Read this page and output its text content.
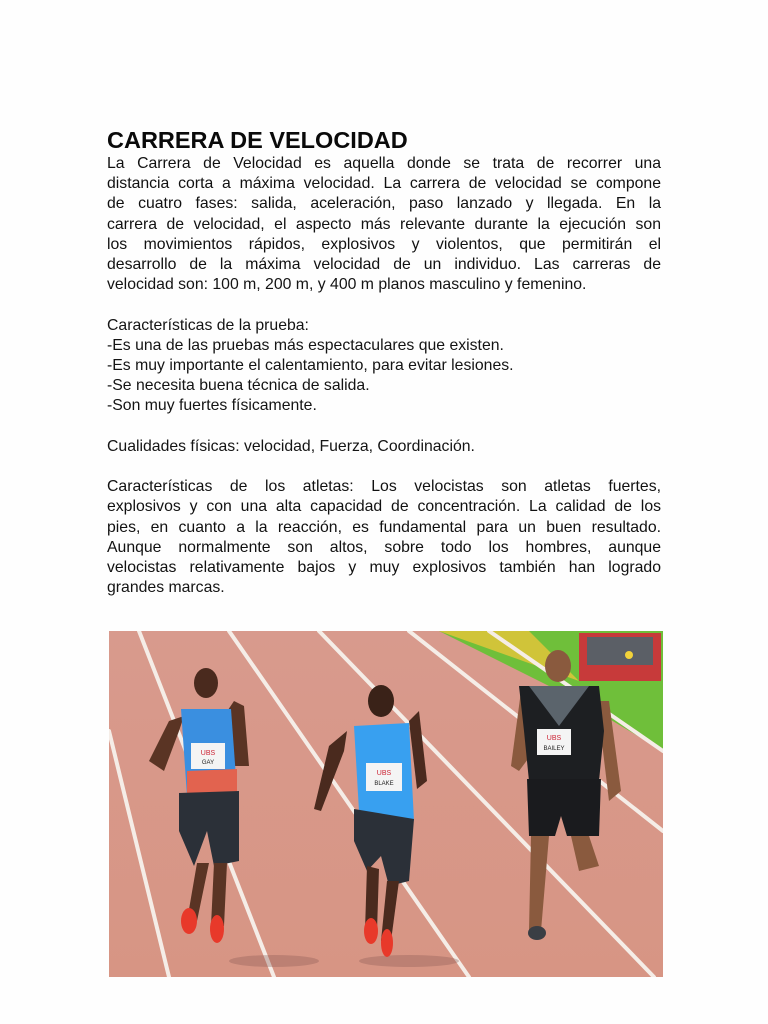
CARRERA DE VELOCIDAD
La Carrera de Velocidad es aquella donde se trata de recorrer una
distancia corta a máxima velocidad. La carrera de velocidad se compone
de cuatro fases: salida, aceleración, paso lanzado y llegada. En la
carrera de velocidad, el aspecto más relevante durante la ejecución son
los movimientos rápidos, explosivos y violentos, que permitirán el
desarrollo de la máxima velocidad de un individuo. Las carreras de
velocidad son: 100 m, 200 m, y 400 m planos masculino y femenino.
Características de la prueba:
-Es una de las pruebas más espectaculares que existen.
-Es muy importante el calentamiento, para evitar lesiones.
-Se necesita buena técnica de salida.
-Son muy fuertes físicamente.
Cualidades físicas: velocidad, Fuerza, Coordinación.
Características de los atletas: Los velocistas son atletas fuertes,
explosivos y con una alta capacidad de concentración. La calidad de los
pies, en cuanto a la reacción, es fundamental para un buen resultado.
Aunque normalmente son altos, sobre todo los hombres, aunque
velocistas relativamente bajos y muy explosivos también han logrado
grandes marcas.
UBS
GAY
UBS
BLAKE
UBS
BAILEY
